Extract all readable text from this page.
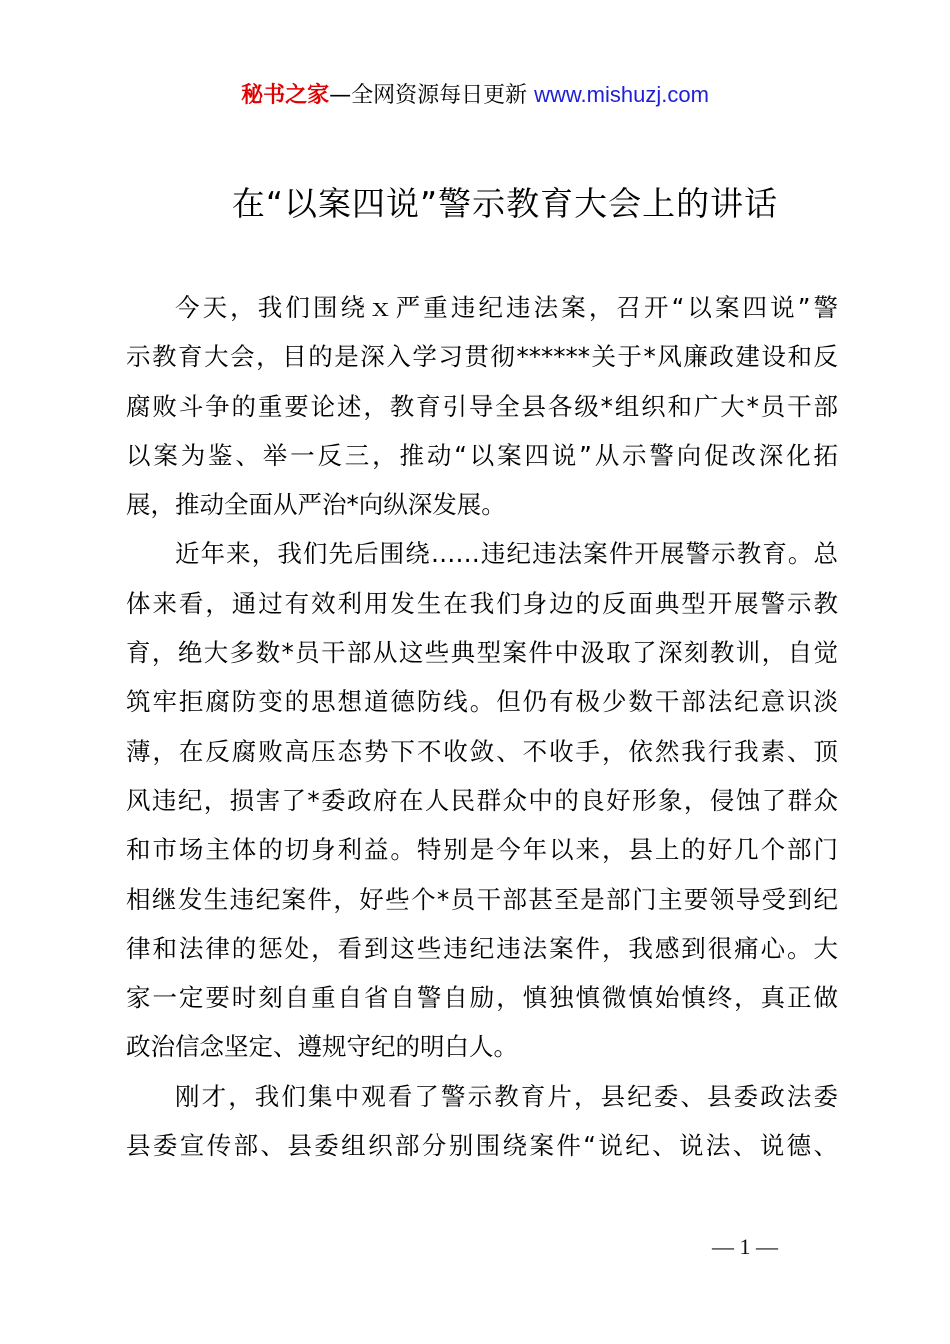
秘书之家—全网资源每日更新 www.mishuzj.com
在“以案四说”警示教育大会上的讲话
今天，我们围绕ｘ严重违纪违法案，召开“以案四说”警
示教育大会，目的是深入学习贯彻******关于*风廉政建设和反
腐败斗争的重要论述，教育引导全县各级*组织和广大*员干部
以案为鉴、举一反三，推动“以案四说”从示警向促改深化拓
展，推动全面从严治*向纵深发展。
近年来，我们先后围绕……违纪违法案件开展警示教育。总
体来看，通过有效利用发生在我们身边的反面典型开展警示教
育，绝大多数*员干部从这些典型案件中汲取了深刻教训，自觉
筑牢拒腐防变的思想道德防线。但仍有极少数干部法纪意识淡
薄，在反腐败高压态势下不收敛、不收手，依然我行我素、顶
风违纪，损害了*委政府在人民群众中的良好形象，侵蚀了群众
和市场主体的切身利益。特别是今年以来，县上的好几个部门
相继发生违纪案件，好些个*员干部甚至是部门主要领导受到纪
律和法律的惩处，看到这些违纪违法案件，我感到很痛心。大
家一定要时刻自重自省自警自励，慎独慎微慎始慎终，真正做
政治信念坚定、遵规守纪的明白人。
刚才，我们集中观看了警示教育片，县纪委、县委政法委
县委宣传部、县委组织部分别围绕案件“说纪、说法、说德、
— 1 —
